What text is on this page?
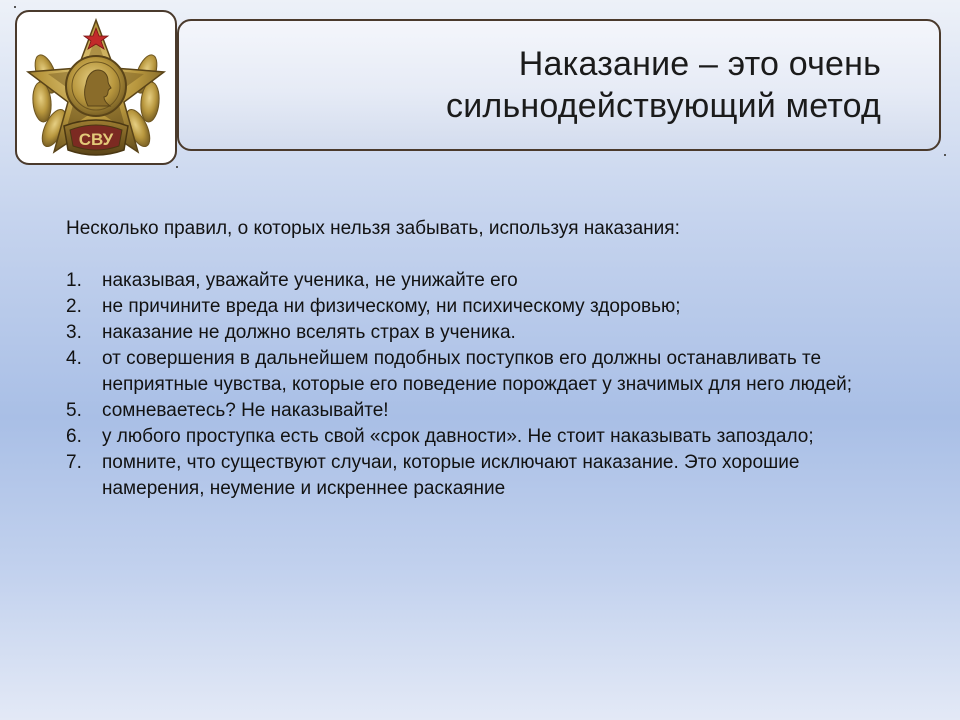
Наказание – это очень
сильнодействующий метод
СВУ

Несколько правил, о которых нельзя забывать, используя наказания:

1. наказывая, уважайте ученика, не унижайте его
2. не причините вреда ни физическому, ни психическому здоровью;
3. наказание не должно вселять страх в ученика.
4. от совершения в дальнейшем подобных поступков его должны останавливать те неприятные чувства, которые его поведение порождает у значимых для него людей;
5. сомневаетесь? Не наказывайте!
6. у любого проступка есть свой «срок давности». Не стоит наказывать запоздало;
7. помните, что существуют случаи, которые исключают наказание. Это хорошие намерения, неумение и искреннее раскаяние
